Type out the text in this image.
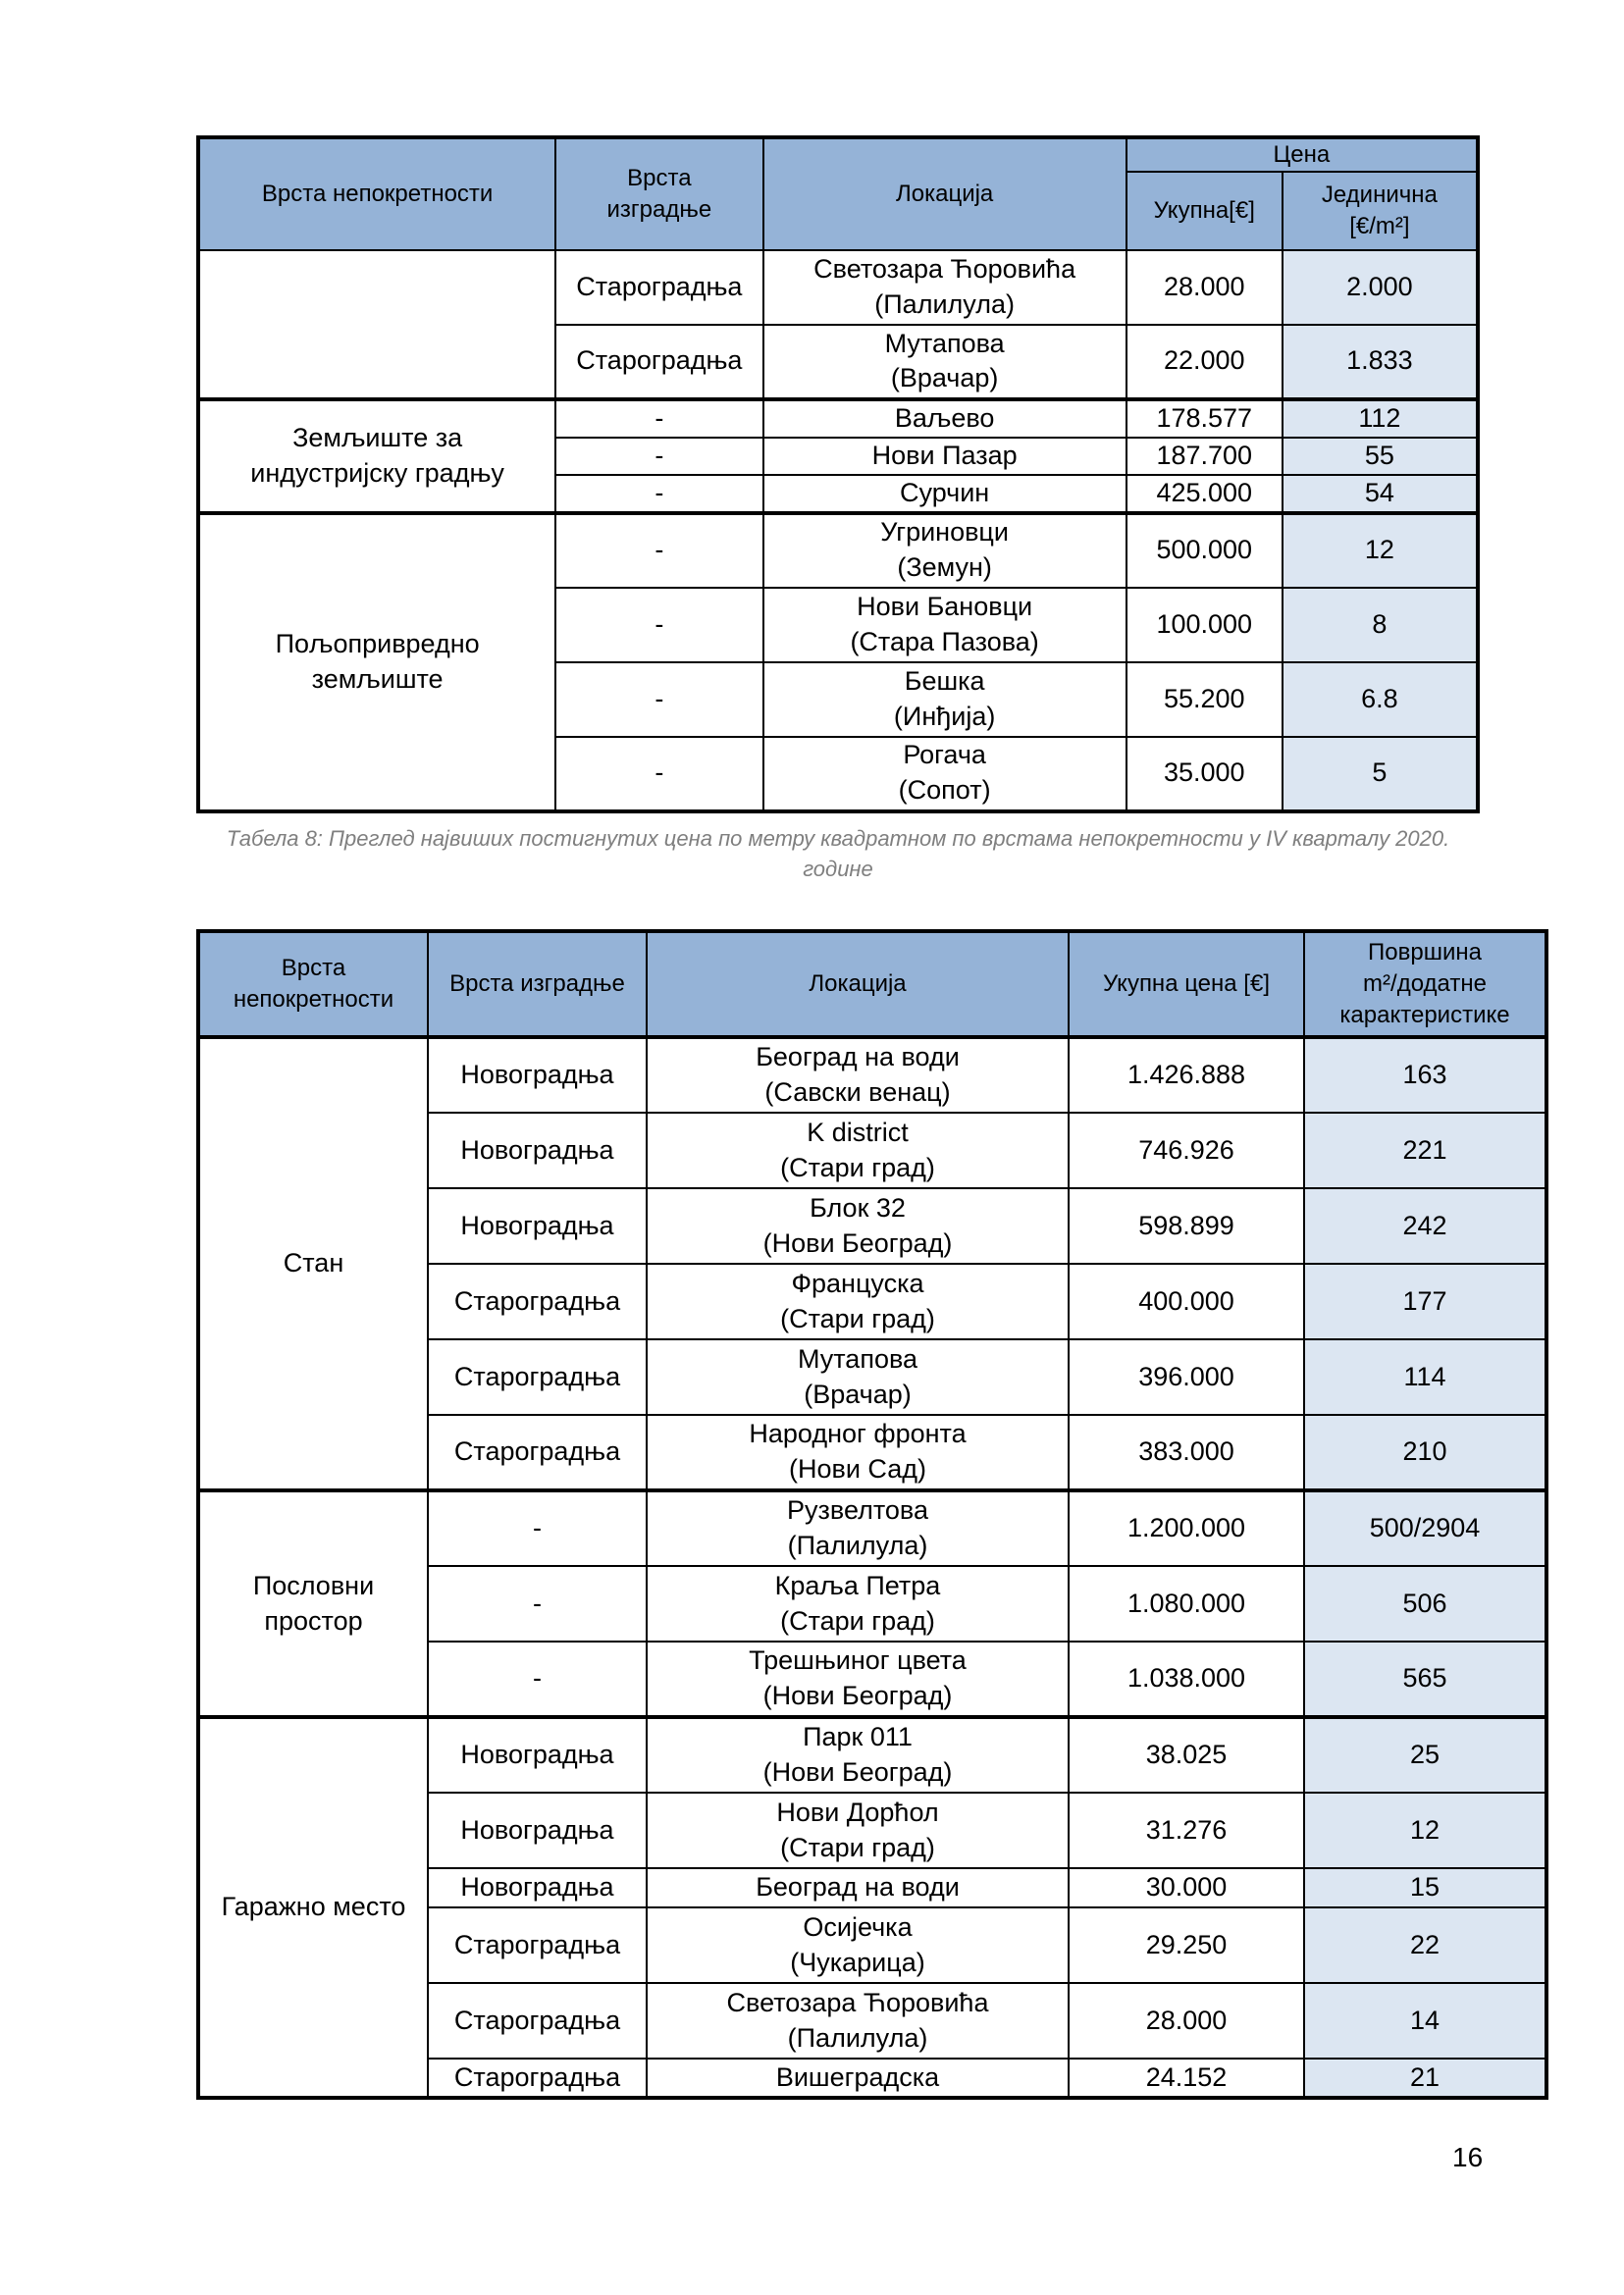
Врста непокретности	Врста
изградње	Локација	Цена	
			Укупна[€]	Јединична
[€/m²]
	Староградња	Светозара Ћоровића
(Палилула)	28.000	2.000
	Староградња	Мутапова
(Врачар)	22.000	1.833
Земљиште за
индустријску градњу	-	Ваљево	178.577	112
	-	Нови Пазар	187.700	55
	-	Сурчин	425.000	54
Пољопривредно
земљиште	-	Угриновци
(Земун)	500.000	12
	-	Нови Бановци
(Стара Пазова)	100.000	8
	-	Бешка
(Инђија)	55.200	6.8
	-	Рогача
(Сопот)	35.000	5
Табела 8: Преглед највиших постигнутих цена по метру квадратном по врстама непокретности у IV кварталу 2020.
године
Врста
непокретности	Врста изградње	Локација	Укупна цена [€]	Површина
m²/додатне
карактеристике
Стан	Новоградња	Београд на води
(Савски венац)	1.426.888	163
	Новоградња	K district
(Стари град)	746.926	221
	Новоградња	Блок 32
(Нови Београд)	598.899	242
	Староградња	Француска
(Стари град)	400.000	177
	Староградња	Мутапова
(Врачар)	396.000	114
	Староградња	Народног фронта
(Нови Сад)	383.000	210
Пословни
простор	-	Рузвелтова
(Палилула)	1.200.000	500/2904
	-	Краља Петра
(Стари град)	1.080.000	506
	-	Трешњиног цвета
(Нови Београд)	1.038.000	565
Гаражно место	Новоградња	Парк 011
(Нови Београд)	38.025	25
	Новоградња	Нови Дорћол
(Стари град)	31.276	12
	Новоградња	Београд на води	30.000	15
	Староградња	Осијечка
(Чукарица)	29.250	22
	Староградња	Светозара Ћоровића
(Палилула)	28.000	14
	Староградња	Вишеградска	24.152	21
16
